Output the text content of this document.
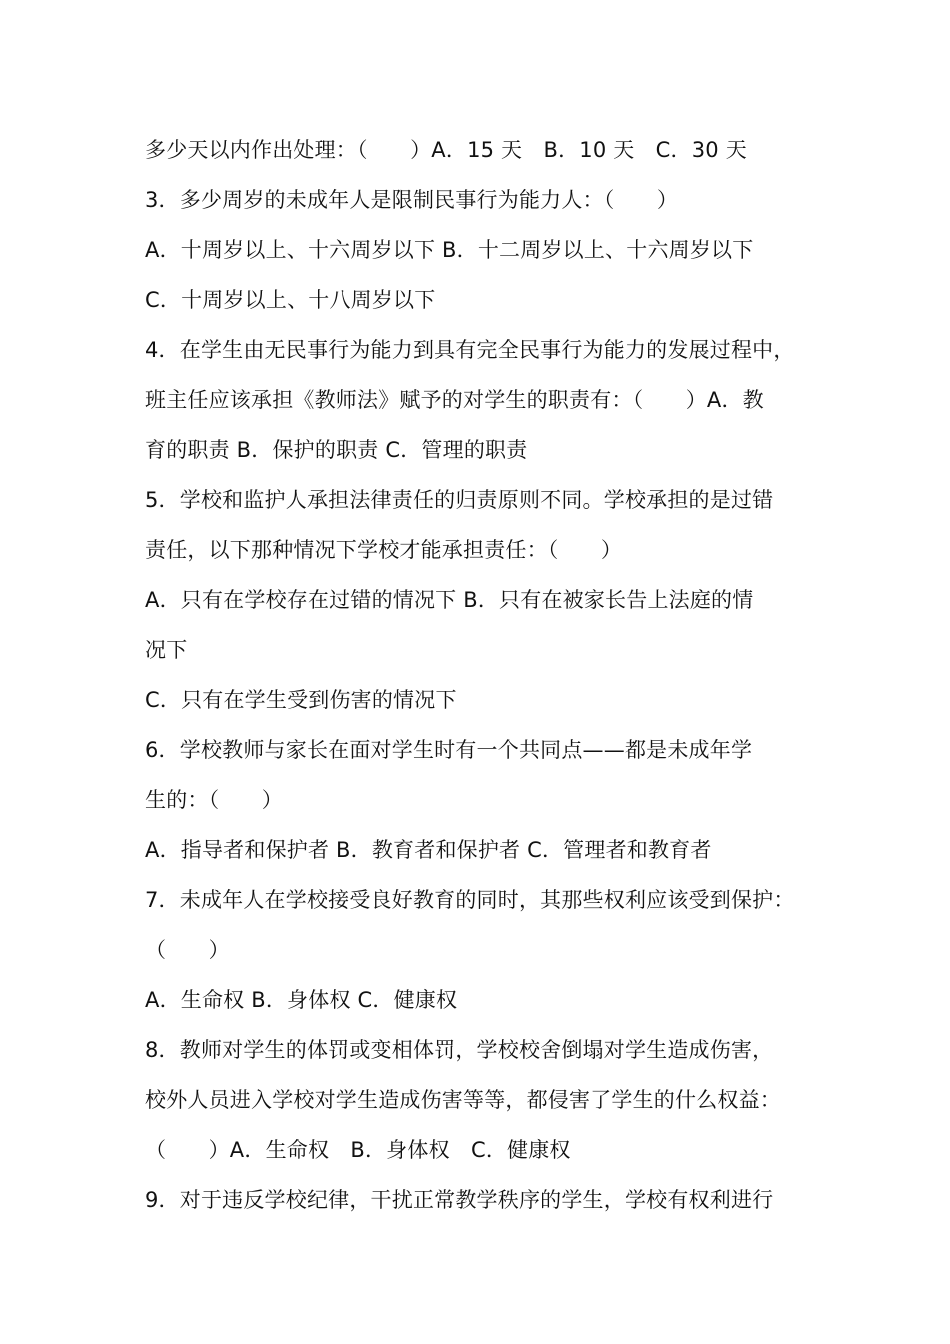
多少天以内作出处理：（　　）A．15 天　B．10 天　C．30 天
3．多少周岁的未成年人是限制民事行为能力人：（　　）
A．十周岁以上、十六周岁以下 B．十二周岁以上、十六周岁以下
C．十周岁以上、十八周岁以下
4．在学生由无民事行为能力到具有完全民事行为能力的发展过程中，
班主任应该承担《教师法》赋予的对学生的职责有：（　　）A．教
育的职责 B．保护的职责 C．管理的职责
5．学校和监护人承担法律责任的归责原则不同。学校承担的是过错
责任，以下那种情况下学校才能承担责任：（　　）
A．只有在学校存在过错的情况下 B．只有在被家长告上法庭的情
况下
C．只有在学生受到伤害的情况下
6．学校教师与家长在面对学生时有一个共同点——都是未成年学
生的：（　　）
A．指导者和保护者 B．教育者和保护者 C．管理者和教育者
7．未成年人在学校接受良好教育的同时，其那些权利应该受到保护：
（　　）
A．生命权 B．身体权 C．健康权
8．教师对学生的体罚或变相体罚，学校校舍倒塌对学生造成伤害，
校外人员进入学校对学生造成伤害等等，都侵害了学生的什么权益：
（　　）A．生命权　B．身体权　C．健康权
9．对于违反学校纪律，干扰正常教学秩序的学生，学校有权利进行
